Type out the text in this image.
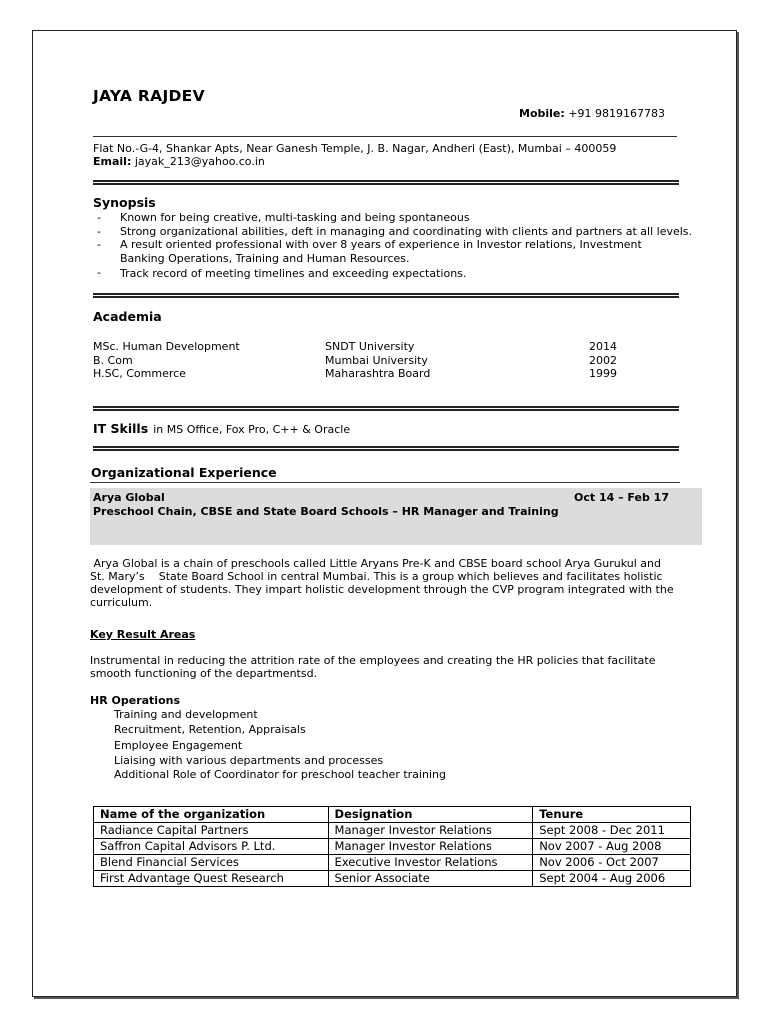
JAYA RAJDEV
Mobile: +91 9819167783
Flat No.-G-4, Shankar Apts, Near Ganesh Temple, J. B. Nagar, Andheri (East), Mumbai – 400059
Email: jayak_213@yahoo.co.in
Synopsis
- Known for being creative, multi-tasking and being spontaneous
- Strong organizational abilities, deft in managing and coordinating with clients and partners at all levels.
- A result oriented professional with over 8 years of experience in Investor relations, Investment
Banking Operations, Training and Human Resources.
- Track record of meeting timelines and exceeding expectations.
Academia
MSc. Human Development	SNDT University	2014
B. Com	Mumbai University	2002
H.SC, Commerce	Maharashtra Board	1999
IT Skills in MS Office, Fox Pro, C++ & Oracle
Organizational Experience
Arya Global	Oct 14 – Feb 17
Preschool Chain, CBSE and State Board Schools – HR Manager and Training
Arya Global is a chain of preschools called Little Aryans Pre-K and CBSE board school Arya Gurukul and
St. Mary’s    State Board School in central Mumbai. This is a group which believes and facilitates holistic
development of students. They impart holistic development through the CVP program integrated with the
curriculum.
Key Result Areas
Instrumental in reducing the attrition rate of the employees and creating the HR policies that facilitate
smooth functioning of the departmentsd.
HR Operations
Training and development
Recruitment, Retention, Appraisals
Employee Engagement
Liaising with various departments and processes
Additional Role of Coordinator for preschool teacher training
Name of the organization	Designation	Tenure
Radiance Capital Partners	Manager Investor Relations	Sept 2008 - Dec 2011
Saffron Capital Advisors P. Ltd.	Manager Investor Relations	Nov 2007 - Aug 2008
Blend Financial Services	Executive Investor Relations	Nov 2006 - Oct 2007
First Advantage Quest Research	Senior Associate	Sept 2004 - Aug 2006
